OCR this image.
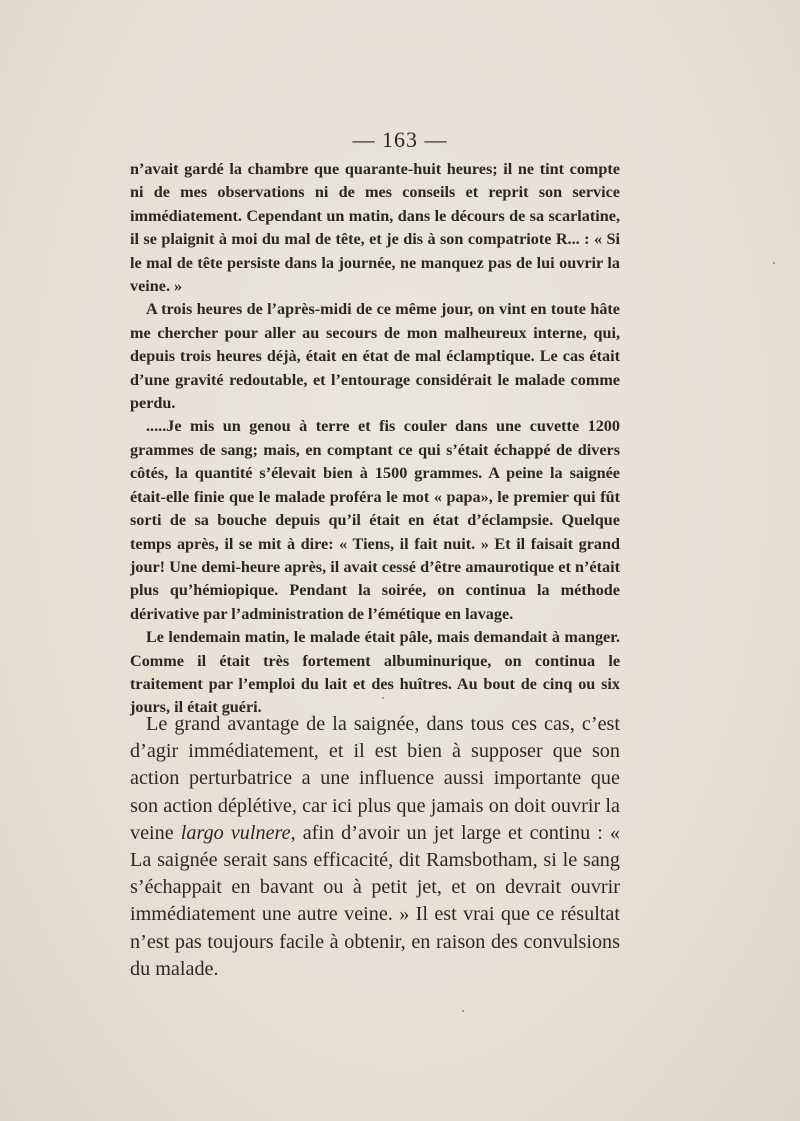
— 163 —

n’avait gardé la chambre que quarante-huit heures; il ne tint compte ni de mes observations ni de mes conseils et reprit son service immédiatement. Cependant un matin, dans le décours de sa scarlatine, il se plaignit à moi du mal de tête, et je dis à son compatriote R... : « Si le mal de tête persiste dans la journée, ne manquez pas de lui ouvrir la veine. »

A trois heures de l’après-midi de ce même jour, on vint en toute hâte me chercher pour aller au secours de mon malheureux interne, qui, depuis trois heures déjà, était en état de mal éclamptique. Le cas était d’une gravité redoutable, et l’entourage considérait le malade comme perdu.

.....Je mis un genou à terre et fis couler dans une cuvette 1200 grammes de sang; mais, en comptant ce qui s’était échappé de divers côtés, la quantité s’élevait bien à 1500 grammes. A peine la saignée était-elle finie que le malade proféra le mot « papa», le premier qui fût sorti de sa bouche depuis qu’il était en état d’éclampsie. Quelque temps après, il se mit à dire: « Tiens, il fait nuit. » Et il faisait grand jour! Une demi-heure après, il avait cessé d’être amaurotique et n’était plus qu’hémiopique. Pendant la soirée, on continua la méthode dérivative par l’administration de l’émétique en lavage.

Le lendemain matin, le malade était pâle, mais demandait à manger. Comme il était très fortement albuminurique, on continua le traitement par l’emploi du lait et des huîtres. Au bout de cinq ou six jours, il était guéri.

Le grand avantage de la saignée, dans tous ces cas, c’est d’agir immédiatement, et il est bien à supposer que son action perturbatrice a une influence aussi importante que son action déplétive, car ici plus que jamais on doit ouvrir la veine largo vulnere, afin d’avoir un jet large et continu : « La saignée serait sans efficacité, dit Ramsbotham, si le sang s’échappait en bavant ou à petit jet, et on devrait ouvrir immédiatement une autre veine. » Il est vrai que ce résultat n’est pas toujours facile à obtenir, en raison des convulsions du malade.
